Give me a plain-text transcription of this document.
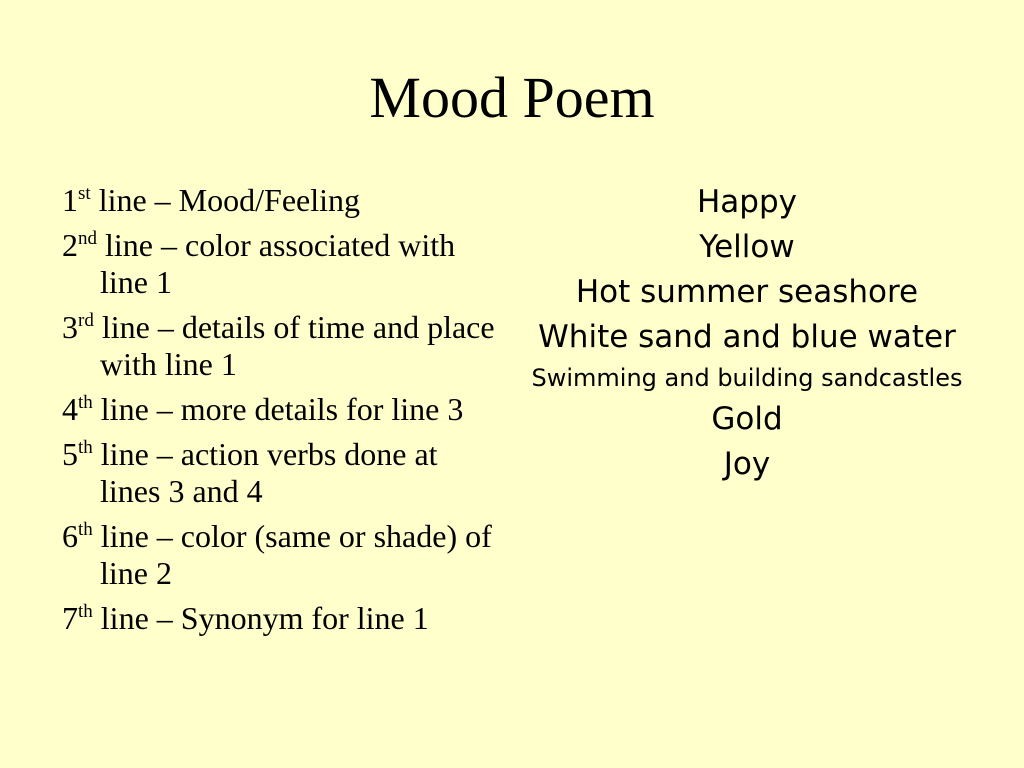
Mood Poem
1st line – Mood/Feeling
2nd line – color associated with line 1
3rd line – details of time and place with line 1
4th line – more details for line 3
5th line – action verbs done at lines 3 and 4
6th line – color (same or shade) of line 2
7th line – Synonym for line 1
Happy
Yellow
Hot summer seashore
White sand and blue water
Swimming and building sandcastles
Gold
Joy
